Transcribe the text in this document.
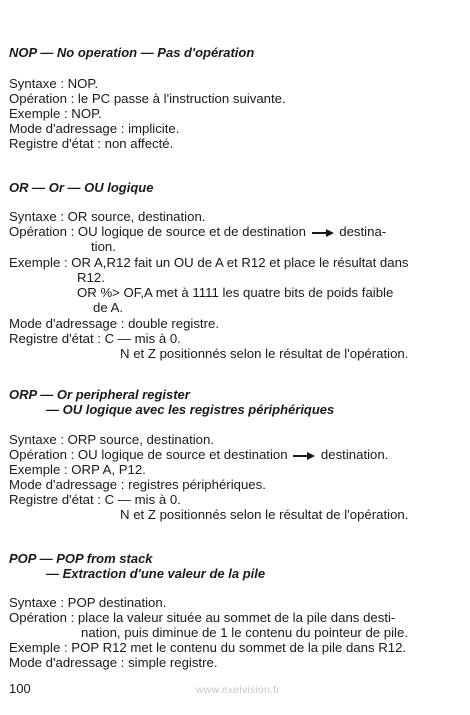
NOP — No operation — Pas d'opération
Syntaxe : NOP.
Opération : le PC passe à l'instruction suivante.
Exemple : NOP.
Mode d'adressage : implicite.
Registre d'état : non affecté.
OR — Or — OU logique
Syntaxe : OR source, destination.
Opération : OU logique de source et de destination	destina-
tion.
Exemple : OR A,R12 fait un OU de A et R12 et place le résultat dans
R12.
OR %> OF,A met à 1111 les quatre bits de poids faible
de A.
Mode d'adressage : double registre.
Registre d'état : C — mis à 0.
N et Z positionnés selon le résultat de l'opération.
ORP — Or peripheral register
— OU logique avec les registres périphériques
Syntaxe : ORP source, destination.
Opération : OU logique de source et destination	destination.
Exemple : ORP A, P12.
Mode d'adressage : registres périphériques.
Registre d'état : C — mis à 0.
N et Z positionnés selon le résultat de l'opération.
POP — POP from stack
— Extraction d'une valeur de la pile
Syntaxe : POP destination.
Opération : place la valeur située au sommet de la pile dans desti-
nation, puis diminue de 1 le contenu du pointeur de pile.
Exemple : POP R12 met le contenu du sommet de la pile dans R12.
Mode d'adressage : simple registre.
100	www.exelvision.fr
